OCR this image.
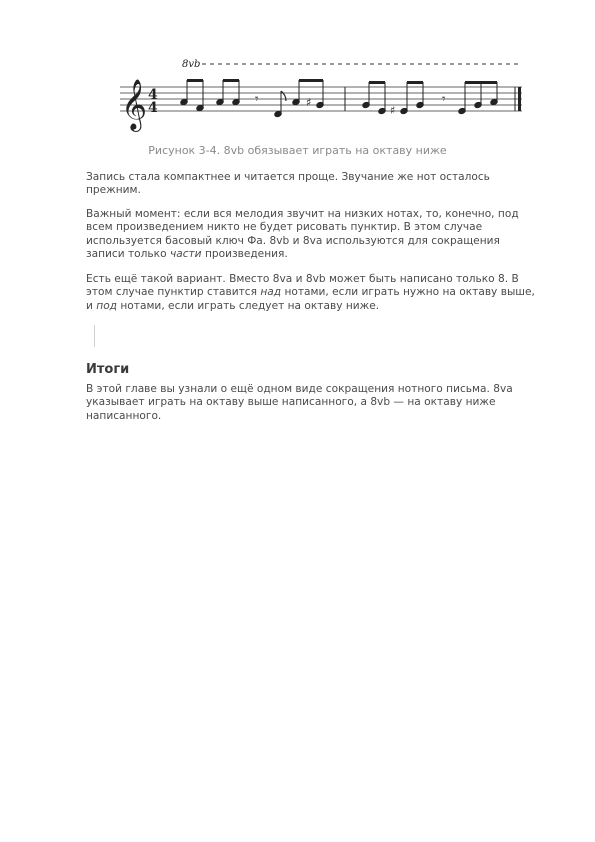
8vb
𝄞 4
4
𝄾	♯
♯
𝄾
Рисунок 3-4. 8vb обязывает играть на октаву ниже

Запись стала компактнее и читается проще. Звучание же нот осталось прежним.

Важный момент: если вся мелодия звучит на низких нотах, то, конечно, под всем произведением никто не будет рисовать пунктир. В этом случае используется басовый ключ Фа. 8vb и 8va используются для сокращения записи только части произведения.

Есть ещё такой вариант. Вместо 8va и 8vb может быть написано только 8. В этом случае пунктир ставится над нотами, если играть нужно на октаву выше, и под нотами, если играть следует на октаву ниже.

Итоги

В этой главе вы узнали о ещё одном виде сокращения нотного письма. 8va указывает играть на октаву выше написанного, а 8vb — на октаву ниже написанного.
